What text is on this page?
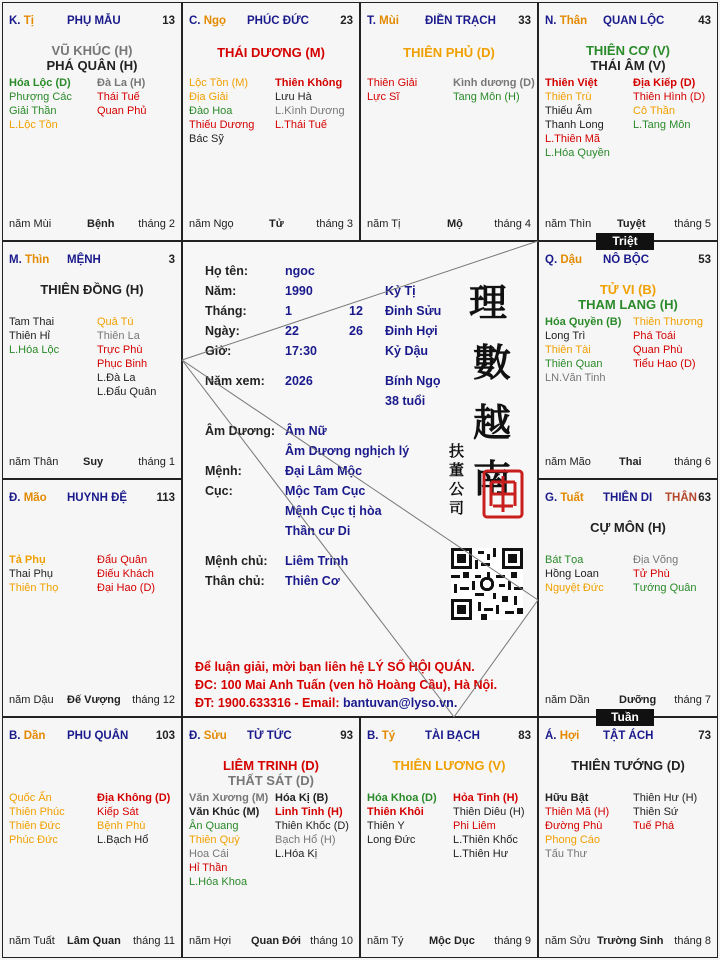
K. Tị	PHỤ MẪU	13
VŨ KHÚC (H)
PHÁ QUÂN (H)
Hóa Lộc (D)
Phượng Các
Giải Thần
L.Lộc Tồn
Đà La (H)
Thái Tuế
Quan Phủ
năm Mùi	Bệnh tháng 2
C. Ngọ PHÚC ĐỨC	23
THÁI DƯƠNG (M)
Lộc Tồn (M)
Địa Giải
Đào Hoa
Thiếu Dương
Bác Sỹ
Thiên Không
Lưu Hà
L.Kình Dương
L.Thái Tuế
năm Ngọ	Tử	tháng 3
T. Mùi ĐIỀN TRẠCH 33
THIÊN PHỦ (D)
Thiên Giải
Lực Sĩ
Kình dương (D)
Tang Môn (H)
năm Tị	Mộ	tháng 4
N. Thân QUAN LỘC	43
THIÊN CƠ (V)
THÁI ÂM (V)
Thiên Việt
Thiên Trù
Thiếu Âm
Thanh Long
L.Thiên Mã
L.Hóa Quyền
Địa Kiếp (D)
Thiên Hình (D)
Cô Thần
L.Tang Môn
năm Thìn Tuyệt	tháng 5
M. Thìn MỆNH	3
THIÊN ĐỒNG (H)
Tam Thai
Thiên Hỉ
L.Hóa Lộc
Quả Tú
Thiên La
Trực Phù
Phục Binh
L.Đà La
L.Đẩu Quân
năm Thân Suy	tháng 1
Q. Dậu NÔ BỘC	53
TỬ VI (B)
THAM LANG (H)
Hóa Quyền (B)
Long Trì
Thiên Tài
Thiên Quan
LN.Văn Tinh
Thiên Thương
Phá Toái
Quan Phù
Tiểu Hao (D)
năm Mão	Thai	tháng 6
Đ. Mão HUYNH ĐỆ	113
Tả Phụ
Thai Phụ
Thiên Thọ
Đẩu Quân
Điếu Khách
Đại Hao (D)
năm Dậu Đế Vượng tháng 12
G. Tuất THIÊN DI THÂN 63
CỰ MÔN (H)
Bát Tọa
Hồng Loan
Nguyệt Đức
Địa Võng
Tử Phù
Tướng Quân
năm Dần	Dưỡng tháng 7
B. Dần PHU QUÂN 103
Quốc Ấn
Thiên Phúc
Thiên Đức
Phúc Đức
Địa Không (D)
Kiếp Sát
Bệnh Phù
L.Bạch Hổ
năm Tuất Lâm Quan tháng 11
Đ. Sửu TỬ TỨC	93
LIÊM TRINH (D)
THẤT SÁT (D)
Văn Xương (M)
Văn Khúc (M)
Ân Quang
Thiên Quý
Hoa Cái
Hỉ Thần
L.Hóa Khoa
Hóa Kị (B)
Linh Tinh (H)
Thiên Khốc (D)
Bạch Hổ (H)
L.Hóa Kị
năm Hợi Quan Đới tháng 10
B. Tý	TÀI BẠCH	83
THIÊN LƯƠNG (V)
Hóa Khoa (D)
Thiên Khôi
Thiên Y
Long Đức
Hỏa Tinh (H)
Thiên Diêu (H)
Phi Liêm
L.Thiên Khốc
L.Thiên Hư
năm Tý Mộc Dục tháng 9
Á. Hợi TẬT ÁCH	73
THIÊN TƯỚNG (D)
Hữu Bật
Thiên Mã (H)
Đường Phù
Phong Cáo
Tấu Thư
Thiên Hư (H)
Thiên Sứ
Tuế Phá
năm Sửu Trường Sinh tháng 8
Họ tên:	ngoc
Năm:	1990	Kỷ Tị
Tháng:	1	12 Đinh Sửu
Ngày:	22	26 Đinh Hợi
Giờ:	17:30	Kỷ Dậu
Năm xem: 2026	Bính Ngọ
38 tuổi
Âm Dương: Âm Nữ
Âm Dương nghịch lý
Mệnh:	Đại Lâm Mộc
Cục:	Mộc Tam Cục
Mệnh Cục tị hòa
Thần cư Di
Mệnh chủ: Liêm Trinh
Thân chủ: Thiên Cơ
理
數
越
南
扶
董
公
司
Để luận giải, mời bạn liên hệ LÝ SỐ HỘI QUÁN.
ĐC: 100 Mai Anh Tuấn (ven hồ Hoàng Cầu), Hà Nội.
ĐT: 1900.633316 - Email: bantuvan@lyso.vn.
Triệt
Tuần
